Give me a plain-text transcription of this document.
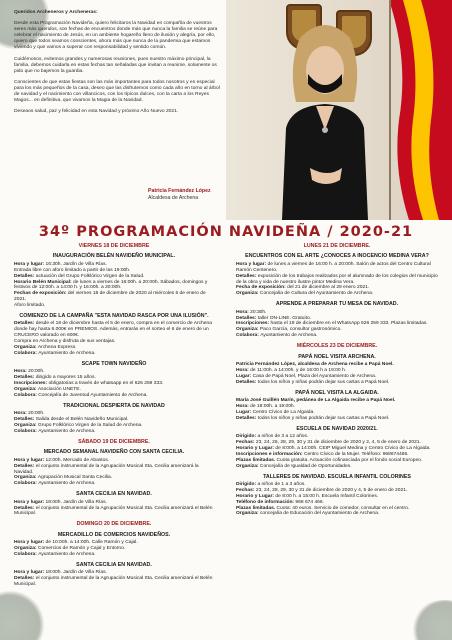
Queridos Archeneros y Archeneras:

Desde esta Programación Navideña, quiero felicitaros la Navidad en compañía de vuestros seres más queridos, son fechas de encuentros donde más que nunca la familia se reúne para celebrar el nacimiento de Jesús, en un ambiente hogareño lleno de ilusión y alegría, por ello, quiero que todos seamos conscientes, ahora más que nunca de la pandemia que estamos viviendo y que vamos a superar con responsabilidad y sentido común.

Cuidémonos, evitemos grandes y numerosas reuniones, pues nuestro máximo principal, la familia, debemos cuidarla en estas fechas tan señaladas que invitan a reunirse, solamente os pido que no bajemos la guardia.

Conscientes de que estas fiestas son las más importantes para todos nosotros y en especial para los más pequeños de la casa, deseo que las disfrutemos como cada año en torno al árbol de navidad y el nacimiento con villancicos, con los típicos dulces, con la carta a los Reyes Magos... en definitiva, que vivamos la Magia de la Navidad.

Deseaos salud, paz y felicidad en esta Navidad y próximo Año Nuevo 2021.

Patricia Fernández López
Alcaldesa de Archena
34º PROGRAMACIÓN NAVIDEÑA / 2020-21
VIERNES 18 DE DICIEMBRE
INAUGURACIÓN BELÉN NAVIDEÑO MUNICIPAL.
Hora y lugar: 16:30h. Jardín de Villa Rías.
Entrada libre con aforo limitado a partir de las 19:00h.
Detalles: actuación del Grupo Folklórico Virgen de la Salud.
Horario Belén Municipal: de lunes a viernes de 16:00h. a 20:00h. Sábados, domingos y festivos de 12:00h. a 14:00 h. y 16:00h. a 20:00h.
Fechas de exposición: del viernes 18 de diciembre de 2020 al miércoles 6 de enero de 2021.
Aforo limitado.
COMIENZO DE LA CAMPAÑA "ESTA NAVIDAD RASCA POR UNA ILUSIÓN".
Detalles: desde el 18 de diciembre hasta el 5 de enero, compra en el comercio de Archena donde hay hasta 6.000€ en PREMIOS. Además, entrarás en el sorteo el 6 de enero de un CRUCERO valorado en 600€.
Compra en Archena y disfruta de sus ventajas.
Organiza: Archena Express.
Colabora: Ayuntamiento de Archena.
SCAPE TOWN NAVIDEÑO
Hora: 20:00h.
Detalles: dirigido a mayores 15 años.
Inscripciones: obligatorias a través de whatsapp en el 626 259 333.
Organiza: Asociación UNETE.
Colabora: Concejalía de Juventud Ayuntamiento de Archena.
TRADICIONAL DESPIERTA DE NAVIDAD
Hora: 20:00h.
Detalles: Salida desde el Belén Navideño Municipal.
Organiza: Grupo Folklórico Virgen de la Salud de Archena.
Colabora: Ayuntamiento de Archena.
SÁBADO 19 DE DICIEMBRE.
MERCADO SEMANAL NAVIDEÑO CON SANTA CECILIA.
Hora y lugar: 12:00h. Mercado de Abastos.
Detalles: el conjunto instrumental de la Agrupación Musical Sta. Cecilia amenizará la Navidad.
Organiza: Agrupación Musical Santa Cecilia.
Colabora: Ayuntamiento de Archena.
SANTA CECILIA EN NAVIDAD.
Hora y lugar: 18:00h. Jardín de Villa Rías.
Detalles: el conjunto instrumental de la Agrupación Musical Sta. Cecilia amenizará el Belén Municipal.
DOMINGO 20 DE DICIEMBRE.
MERCADILLO DE COMERCIOS NAVIDEÑOS.
Hora y lugar: de 10:00h. a 14:00h. Calle Ramón y Cajal.
Organiza: Comercios de Ramón y Cajal y Entorno.
Colabora: Ayuntamiento de Archena.
SANTA CECILIA EN NAVIDAD.
Hora y lugar: 18:00h. Jardín de Villa Rías.
Detalles: el conjunto instrumental de la Agrupación Musical Sta. Cecilia amenizará el Belén Municipal.
LUNES 21 DE DICIEMBRE.
ENCUENTROS CON EL ARTE ¿CONOCES A INOCENCIO MEDINA VERA?
Hora y lugar: de lunes a viernes de 16:00 h. a 20:00h. Salón de actos del Centro Cultural Ramón Centenero.
Detalles: exposición de los trabajos realizados por el alumnado de los colegios del municipio de la obra y vida de nuestro ilustre pintor Medina Vera.
Fecha de exposición: del 21 de diciembre al 29 enero 2021.
Organiza: Concejalía de Cultura del Ayuntamiento de Archena.
APRENDE A PREPARAR TU MESA DE NAVIDAD.
Hora: 20:30h.
Detalles: taller ON-LINE. Gratuito.
Inscripciones: hasta el 19 de diciembre en el WhatsApp 626 259 333. Plazas limitadas.
Organiza: Paco García, consultor gastronómico.
Colabora: Ayuntamiento de Archena.
MIÉRCOLES 23 DE DICIEMBRE.
PAPÁ NOEL VISITA ARCHENA.
Patricia Fernández López, alcaldesa de Archena recibe a Papá Noel.
Hora: de 11:00h. a 14:00h. y de 16:00 h a 19:00 h.
Lugar: Casa de Papá Noel, Plaza del Ayuntamiento de Archena.
Detalles: todos los niños y niñas podrán dejar sus cartas a Papá Noel.
PAPÁ NOEL VISITA LA ALGAIDA.
María José Guillén Marín, pedánea de La Algaida recibe a Papá Noel.
Hora: de 18:00h. a 19:00h.
Lugar: Centro Cívico de La Algaida.
Detalles: todos los niños y niñas podrán dejar sus cartas a Papá Noel.
ESCUELA DE NAVIDAD 2020/21.
Dirigido: a niños de 3 a 12 años.
Fechas: 23, 24, 26, 28, 29, 30 y 31 de diciembre de 2020 y 2, 4, 5 de enero de 2021.
Horario y Lugar: de 8:00h. a 14:00h. CEIP Miguel Medina y Centro Cívico de La Algaida.
Inscripciones e información: Centro Cívico de la Mujer. Teléfono: 968674466.
Plazas limitadas. Cuota gratuita. Actuación cofinanciada por el fondo social Europeo.
Organiza: Concejalía de Igualdad de Oportunidades.
TALLERES DE NAVIDAD. ESCUELA INFANTIL COLORINES
Dirigido: a niños de 1 a 3 años.
Fechas: 23, 24, 28, 29, 30 y 31 de diciembre de 2020 y 4, 5 de enero de 2021.
Horario y Lugar: de 8:00 h. a 15:00 h. Escuela Infantil Colorines.
Teléfono de información: 968 674 466.
Plazas limitadas. Cuota: 40 euros. Servicio de comedor, consultar en el centro.
Organiza: concejalía de Educación del Ayuntamiento de Archena.
